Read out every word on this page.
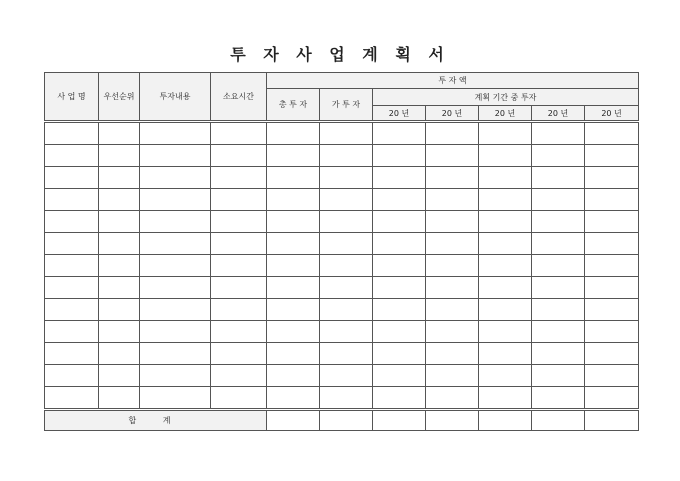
투 자 사 업 계 획 서
사 업 명	우선순위	투자내용	소요시간	투 자 액						
				총 투 자	가 투 자	계획 기간 중 투자				
						20 년	20 년	20 년	20 년	20 년

합 계										
